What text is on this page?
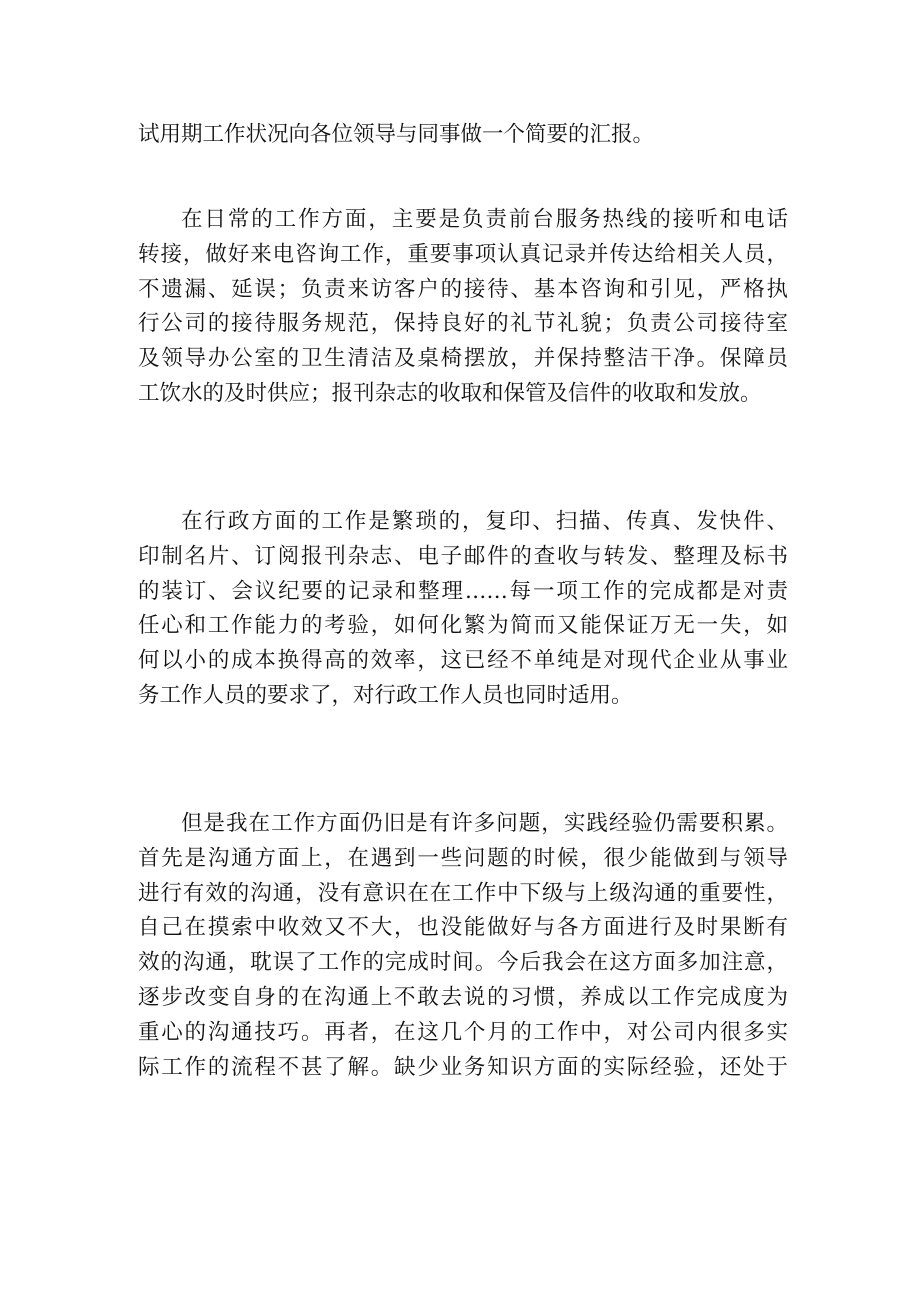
试用期工作状况向各位领导与同事做一个简要的汇报。
在日常的工作方面，主要是负责前台服务热线的接听和电话
转接，做好来电咨询工作，重要事项认真记录并传达给相关人员，
不遗漏、延误；负责来访客户的接待、基本咨询和引见，严格执
行公司的接待服务规范，保持良好的礼节礼貌；负责公司接待室
及领导办公室的卫生清洁及桌椅摆放，并保持整洁干净。保障员
工饮水的及时供应；报刊杂志的收取和保管及信件的收取和发放。
在行政方面的工作是繁琐的，复印、扫描、传真、发快件、
印制名片、订阅报刊杂志、电子邮件的查收与转发、整理及标书
的装订、会议纪要的记录和整理……每一项工作的完成都是对责
任心和工作能力的考验，如何化繁为简而又能保证万无一失，如
何以小的成本换得高的效率，这已经不单纯是对现代企业从事业
务工作人员的要求了，对行政工作人员也同时适用。
但是我在工作方面仍旧是有许多问题，实践经验仍需要积累。
首先是沟通方面上，在遇到一些问题的时候，很少能做到与领导
进行有效的沟通，没有意识在在工作中下级与上级沟通的重要性，
自己在摸索中收效又不大，也没能做好与各方面进行及时果断有
效的沟通，耽误了工作的完成时间。今后我会在这方面多加注意，
逐步改变自身的在沟通上不敢去说的习惯，养成以工作完成度为
重心的沟通技巧。再者，在这几个月的工作中，对公司内很多实
际工作的流程不甚了解。缺少业务知识方面的实际经验，还处于
